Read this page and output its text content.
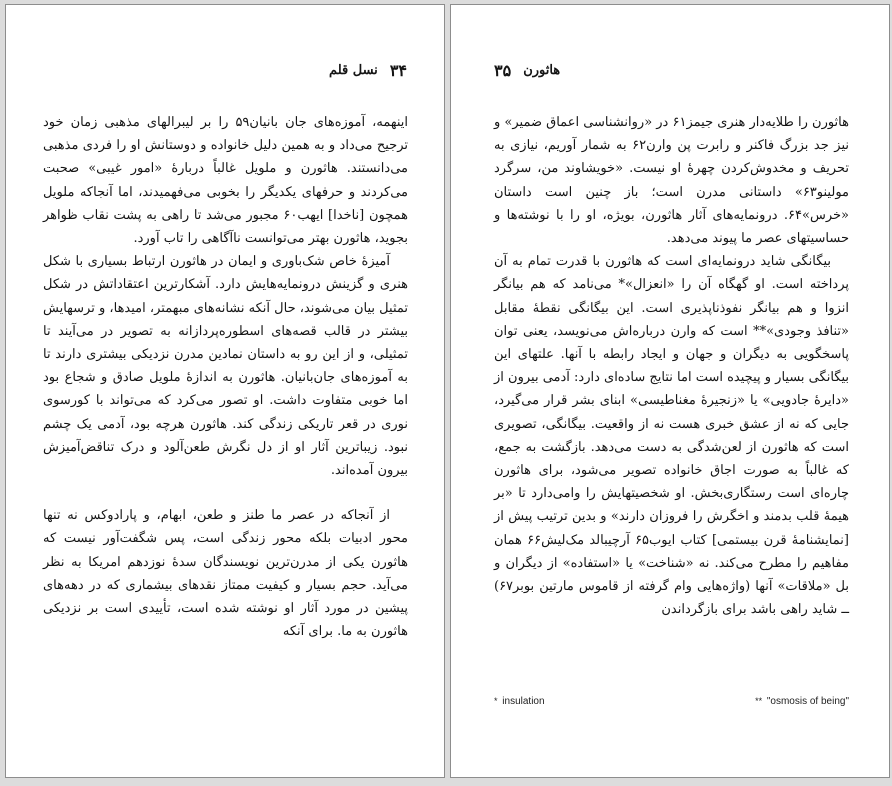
۳۴
نسل قلم

اینهمه، آموزه‌های جان بانیان۵۹ را بر لیبرالهای مذهبی زمان خود ترجیح می‌داد و به همین دلیل خانواده و دوستانش او را فردی مذهبی می‌دانستند. هاثورن و ملویل غالباً دربارهٔ «امور غیبی» صحبت می‌کردند و حرفهای یکدیگر را بخوبی می‌فهمیدند، اما آنجاکه ملویل همچون [ناخدا] ایهب۶۰ مجبور می‌شد تا راهی به پشت نقاب ظواهر بجوید، هاثورن بهتر می‌توانست ناآگاهی را تاب آورد.

آمیزهٔ خاص شک‌باوری و ایمان در هاثورن ارتباط بسیاری با شکل هنری و گزینش درونمایه‌هایش دارد. آشکارترین اعتقاداتش در شکل تمثیل بیان می‌شوند، حال آنکه نشانه‌های مبهمتر، امیدها، و ترسهایش بیشتر در قالب قصه‌های اسطوره‌پردازانه به تصویر در می‌آیند تا تمثیلی، و از این رو به داستان نمادین مدرن نزدیکی بیشتری دارند تا به آموزه‌های جان‌بانیان. هاثورن به اندازهٔ ملویل صادق و شجاع بود اما خوبی متفاوت داشت. او تصور می‌کرد که می‌تواند با کورسوی نوری در قعر تاریکی زندگی کند. هاثورن هرچه بود، آدمی یک چشم نبود. زیباترین آثار او از دل نگرش طعن‌آلود و درک تناقض‌آمیزش بیرون آمده‌اند.

از آنجاکه در عصر ما طنز و طعن، ابهام، و پارادوکس نه تنها محور ادبیات بلکه محور زندگی است، پس شگفت‌آور نیست که هاثورن یکی از مدرن‌ترین نویسندگان سدهٔ نوزدهم امریکا به نظر می‌آید. حجم بسیار و کیفیت ممتاز نقدهای بیشماری که در دهه‌های پیشین در مورد آثار او نوشته شده است، تأییدی است بر نزدیکی هاثورن به ما. برای آنکه

هاثورن
۳۵

هاثورن را طلایه‌دار هنری جیمز۶۱ در «روانشناسی اعماق ضمیر» و نیز جد بزرگ فاکنر و رابرت پن وارن۶۲ به شمار آوریم، نیازی به تحریف و مخدوش‌کردن چهرهٔ او نیست. «خویشاوند من، سرگرد مولینو۶۳» داستانی مدرن است؛ باز چنین است داستان «خرس»۶۴. درونمایه‌های آثار هاثورن، بویژه، او را با نوشته‌ها و حساسیتهای عصر ما پیوند می‌دهد.

بیگانگی شاید درونمایه‌ای است که هاثورن با قدرت تمام به آن پرداخته است. او گهگاه آن را «انعزال»* می‌نامد که هم بیانگر انزوا و هم بیانگر نفوذناپذیری است. این بیگانگی نقطهٔ مقابل «تنافذ وجودی»** است که وارن درباره‌اش می‌نویسد، یعنی توان پاسخگویی به دیگران و جهان و ایجاد رابطه با آنها. علتهای این بیگانگی بسیار و پیچیده است اما نتایج ساده‌ای دارد: آدمی بیرون از «دایرهٔ جادویی» یا «زنجیرهٔ مغناطیسی» ابنای بشر قرار می‌گیرد، جایی که نه از عشق خبری هست نه از واقعیت. بیگانگی، تصویری است که هاثورن از لعن‌شدگی به دست می‌دهد. بازگشت به جمع، که غالباً به صورت اجاق خانواده تصویر می‌شود، برای هاثورن چاره‌ای است رستگاری‌بخش. او شخصیتهایش را وامی‌دارد تا «بر هیمهٔ قلب بدمند و اخگرش را فروزان دارند» و بدین ترتیب پیش از [نمایشنامهٔ قرن بیستمی] کتاب ایوب۶۵ آرچیبالد مک‌لیش۶۶ همان مفاهیم را مطرح می‌کند. نه «شناخت» یا «استفاده» از دیگران و بل «ملاقات» آنها (واژه‌هایی وام گرفته از قاموس مارتین بوبر۶۷) ــ شاید راهی باشد برای بازگرداندن

* insulation	** "osmosis of being"
